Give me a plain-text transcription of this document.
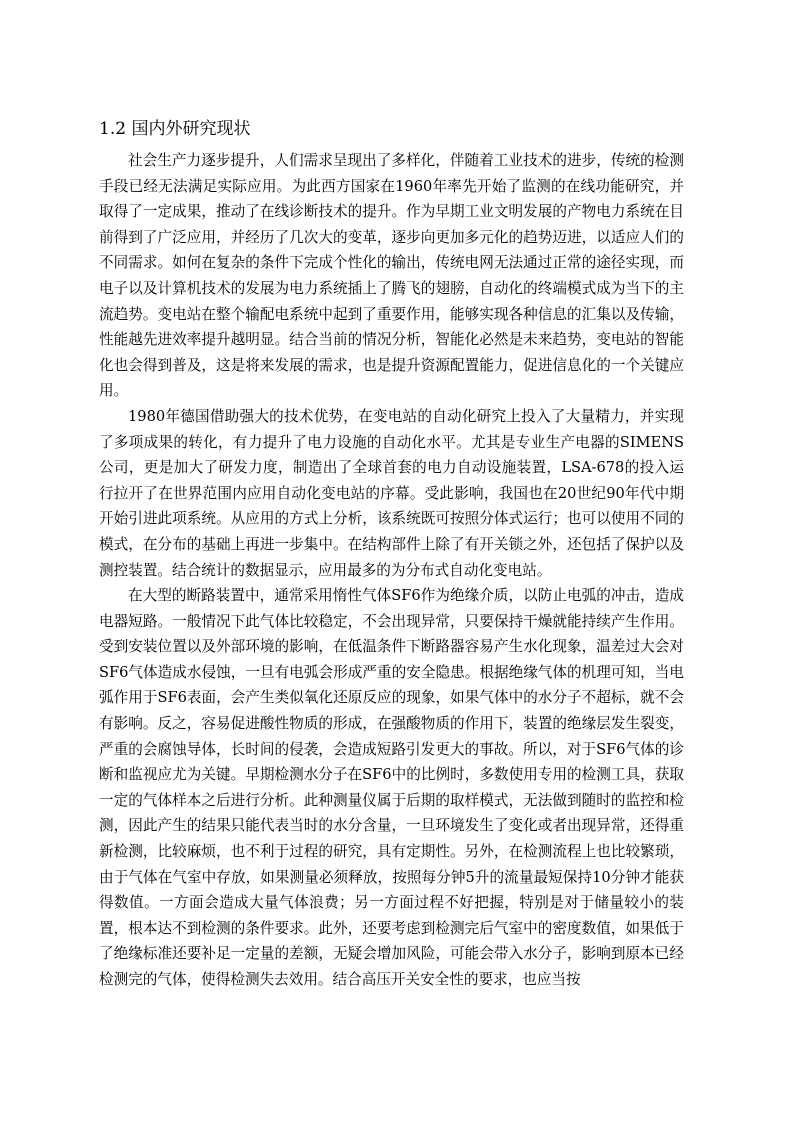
1.2 国内外研究现状

社会生产力逐步提升，人们需求呈现出了多样化，伴随着工业技术的进步，传统的检测手段已经无法满足实际应用。为此西方国家在1960年率先开始了监测的在线功能研究，并取得了一定成果，推动了在线诊断技术的提升。作为早期工业文明发展的产物电力系统在目前得到了广泛应用，并经历了几次大的变革，逐步向更加多元化的趋势迈进，以适应人们的不同需求。如何在复杂的条件下完成个性化的输出，传统电网无法通过正常的途径实现，而电子以及计算机技术的发展为电力系统插上了腾飞的翅膀，自动化的终端模式成为当下的主流趋势。变电站在整个输配电系统中起到了重要作用，能够实现各种信息的汇集以及传输，性能越先进效率提升越明显。结合当前的情况分析，智能化必然是未来趋势，变电站的智能化也会得到普及，这是将来发展的需求，也是提升资源配置能力，促进信息化的一个关键应用。

1980年德国借助强大的技术优势，在变电站的自动化研究上投入了大量精力，并实现了多项成果的转化，有力提升了电力设施的自动化水平。尤其是专业生产电器的SIMENS公司，更是加大了研发力度，制造出了全球首套的电力自动设施装置，LSA-678的投入运行拉开了在世界范围内应用自动化变电站的序幕。受此影响，我国也在20世纪90年代中期开始引进此项系统。从应用的方式上分析，该系统既可按照分体式运行；也可以使用不同的模式，在分布的基础上再进一步集中。在结构部件上除了有开关锁之外，还包括了保护以及测控装置。结合统计的数据显示，应用最多的为分布式自动化变电站。

在大型的断路装置中，通常采用惰性气体SF6作为绝缘介质，以防止电弧的冲击，造成电器短路。一般情况下此气体比较稳定，不会出现异常，只要保持干燥就能持续产生作用。受到安装位置以及外部环境的影响，在低温条件下断路器容易产生水化现象，温差过大会对SF6气体造成水侵蚀，一旦有电弧会形成严重的安全隐患。根据绝缘气体的机理可知，当电弧作用于SF6表面，会产生类似氧化还原反应的现象，如果气体中的水分子不超标，就不会有影响。反之，容易促进酸性物质的形成，在强酸物质的作用下，装置的绝缘层发生裂变，严重的会腐蚀导体，长时间的侵袭，会造成短路引发更大的事故。所以，对于SF6气体的诊断和监视应尤为关键。早期检测水分子在SF6中的比例时，多数使用专用的检测工具，获取一定的气体样本之后进行分析。此种测量仪属于后期的取样模式，无法做到随时的监控和检测，因此产生的结果只能代表当时的水分含量，一旦环境发生了变化或者出现异常，还得重新检测，比较麻烦，也不利于过程的研究，具有定期性。另外，在检测流程上也比较繁琐，由于气体在气室中存放，如果测量必须释放，按照每分钟5升的流量最短保持10分钟才能获得数值。一方面会造成大量气体浪费；另一方面过程不好把握，特别是对于储量较小的装置，根本达不到检测的条件要求。此外，还要考虑到检测完后气室中的密度数值，如果低于了绝缘标准还要补足一定量的差额，无疑会增加风险，可能会带入水分子，影响到原本已经检测完的气体，使得检测失去效用。结合高压开关安全性的要求，也应当按
